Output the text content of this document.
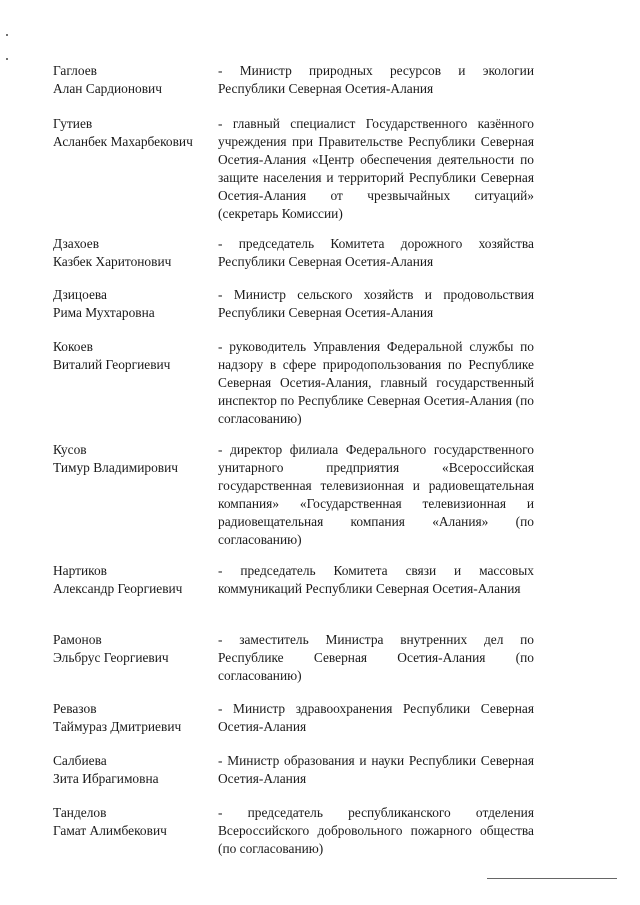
Гаглоев
Алан Сардионович
- Министр природных ресурсов и экологии Республики Северная Осетия-Алания
Гутиев
Асланбек Махарбекович
- главный специалист Государственного казённого учреждения при Правительстве Республики Северная Осетия-Алания «Центр обеспечения деятельности по защите населения и территорий Республики Северная Осетия-Алания от чрезвычайных ситуаций» (секретарь Комиссии)
Дзахоев
Казбек Харитонович
- председатель Комитета дорожного хозяйства Республики Северная Осетия-Алания
Дзицоева
Рима Мухтаровна
- Министр сельского хозяйств и продовольствия Республики Северная Осетия-Алания
Кокоев
Виталий Георгиевич
- руководитель Управления Федеральной службы по надзору в сфере природопользования по Республике Северная Осетия-Алания, главный государственный инспектор по Республике Северная Осетия-Алания (по согласованию)
Кусов
Тимур Владимирович
- директор филиала Федерального государственного унитарного предприятия «Всероссийская государственная телевизионная и радиовещательная компания» «Государственная телевизионная и радиовещательная компания «Алания» (по согласованию)
Нартиков
Александр Георгиевич
- председатель Комитета связи и массовых коммуникаций Республики Северная Осетия-Алания
Рамонов
Эльбрус Георгиевич
- заместитель Министра внутренних дел по Республике Северная Осетия-Алания (по согласованию)
Ревазов
Таймураз Дмитриевич
- Министр здравоохранения Республики Северная Осетия-Алания
Салбиева
Зита Ибрагимовна
- Министр образования и науки Республики Северная Осетия-Алания
Танделов
Гамат Алимбекович
- председатель республиканского отделения Всероссийского добровольного пожарного общества (по согласованию)
